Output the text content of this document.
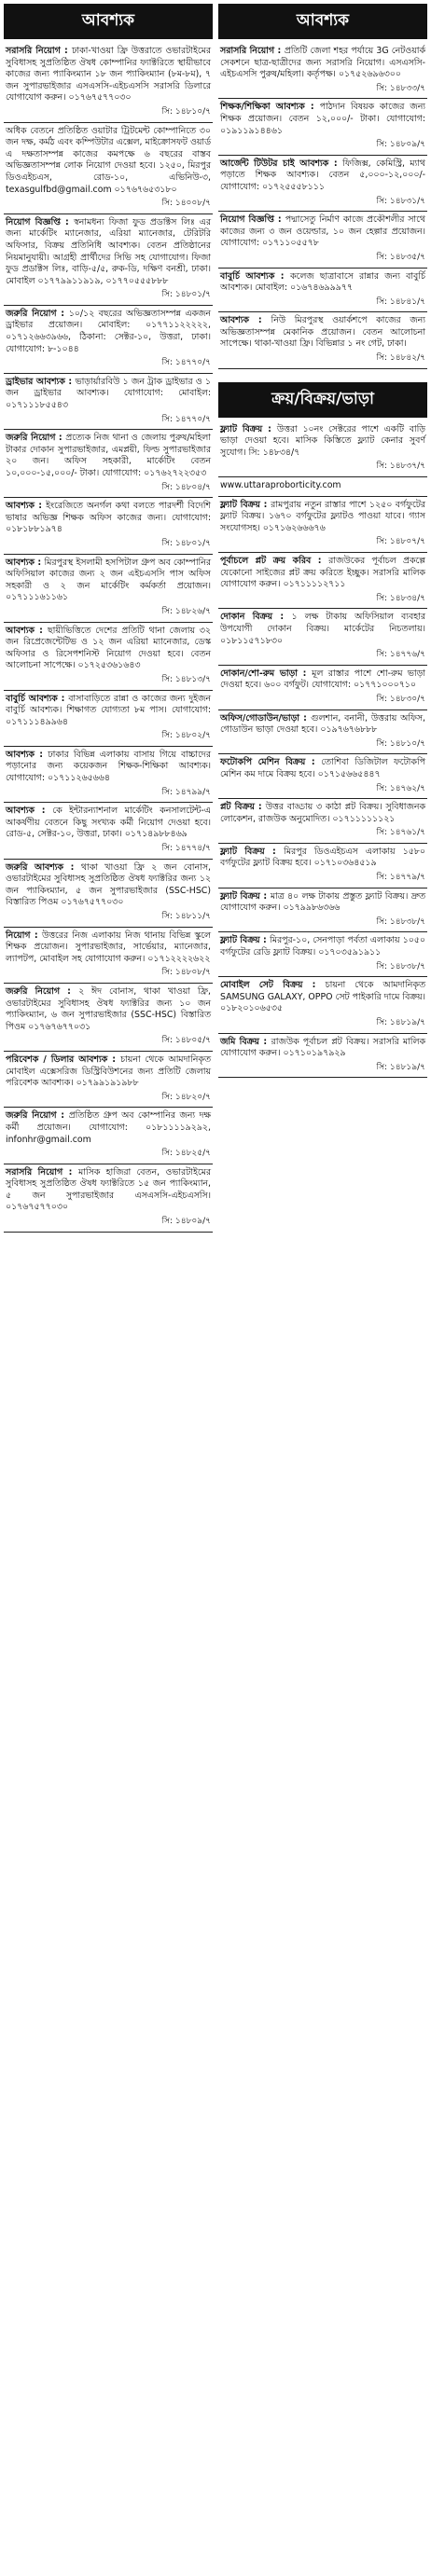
আবশ্যক
সরাসরি নিয়োগ : ঢাকা-খাওয়া ফ্রি উত্তরাতে ওভারটাইমের সুবিধাসহ সুপ্রতিষ্ঠিত ঔষধ কোম্পানির ফ্যাক্টরিতে স্থায়ীভাবে কাজের জন্য প্যাকিংম্যান ১৮ জন প্যাকিংম্যান (৮ম-৮ম), ৭ জন সুপারভাইজার এসএসসি-এইচএসসি সরাসরি ডিলারে যোগাযোগ করুন। ০১৭৬৭৫৭৭০৩০
সি: ১৪৮১০/৭
অধিক বেতনে প্রতিষ্ঠিত ওয়াটার ট্রিটমেন্ট কোম্পানিতে ৩০ জন দক্ষ, কর্মঠ এবং কম্পিউটার এক্সেল, মাইক্রোসফট ওয়ার্ড এ দক্ষতাসম্পন্ন কাজের কমপক্ষে ৬ বছরের বাস্তব অভিজ্ঞতাসম্পন্ন লোক নিয়োগ দেওয়া হবে। ১২৫০, মিরপুর ডিওএইচএস, রোড-১০, এভিনিউ-৩, texasgulfbd@gmail.com ০১৭৬৭৬৫৩১৮০
সি: ১৪০০৮/৭
নিয়োগ বিজ্ঞপ্তি : স্বনামধন্য ফিজা ফুড প্রডাক্টস লিঃ এর জন্য মার্কেটিং ম্যানেজার, এরিয়া ম্যানেজার, টেরিটরি অফিসার, বিক্রয় প্রতিনিধি আবশ্যক। বেতন প্রতিষ্ঠানের নিয়মানুযায়ী। আগ্রহী প্রার্থীদের সিভি সহ যোগাযোগ। ফিজা ফুড প্রডাক্টস লিঃ, বাড়ি-৫/৫, রুক-ডি, দক্ষিণ বনশ্রী, ঢাকা। মোবাইল ০১৭৭৯৯১১৯১৯, ০১৭৭০৫৫৫৮৮৮
সি: ১৪৮০১/৭
জরুরি নিয়োগ : ১০/১২ বছরের অভিজ্ঞতাসম্পন্ন একজন ড্রাইভার প্রয়োজন। মোবাইল: ০১৭৭১১২২২২২, ০১৭১২৬৬৩৯৬৬, ঠিকানা: সেক্টর-১০, উত্তরা, ঢাকা। যোগাযোগ: ৮-১০৪৪
সি: ১৪৭৭০/৭
ড্রাইভার আবশ্যক : ভাড়ার্য়ারবিউ ১ জন ট্রাক ড্রাইভার ও ১ জন ড্রাইভার আবশ্যক। যোগাযোগ: মোবাইল: ০১৭১১১৮৫৫৪৩
সি: ১৪৭৭০/৭
জরুরি নিয়োগ : প্রত্যেক নিজ থানা ও জেলায় পুরুষ/মহিলা টাকার দোকান সুপারভাইজার, এমপ্লয়ী, ফিল্ড সুপারভাইজার ২০ জন। অফিস সহকারী, মার্কেটিং বেতন ১০,০০০-১৫,০০০/- টাকা। যোগাযোগ: ০১৭৬২৭২২৩৫৩
সি: ১৪৮০৪/৭
আবশ্যক : ইংরেজিতে অনর্গল কথা বলতে পারদর্শী বিদেশি ভাষার অভিজ্ঞ শিক্ষক অফিস কাজের জন্য। যোগাযোগ: ০১৮১৮৮১৯৭৪
সি: ১৪৮০১/৭
আবশ্যক : মিরপুরস্থ ইসলামী হসপিটাল গ্রুপ অব কোম্পানির অফিসিয়াল কাজের জন্য ২ জন এইচএসসি পাস অফিস সহকারী ও ২ জন মার্কেটিং কর্মকর্তা প্রয়োজন। ০১৭১১১৬১১৬১
সি: ১৪৮২৬/৭
আবশ্যক : ছায়ীভিত্তিতে দেশের প্রতিটি থানা জেলায় ৩২ জন রিপ্রেজেন্টেটিভ ও ১২ জন এরিয়া ম্যানেজার, ডেস্ক অফিসার ও রিসেপশনিস্ট নিয়োগ দেওয়া হবে। বেতন আলোচনা সাপেক্ষে। ০১৭২৫৩৬১৬৪৩
সি: ১৪৮১৩/৭
বাবুর্চি আবশ্যক : বাসাবাড়িতে রান্না ও কাজের জন্য দুইজন বাবুর্চি আবশ্যক। শিক্ষাগত যোগ্যতা ৮ম পাস। যোগাযোগ: ০১৭১১১৪৯৯৬৪
সি: ১৪৮০২/৭
আবশ্যক : ঢাকার বিভিন্ন এলাকায় বাসায় গিয়ে বাচ্চাদের পড়ানোর জন্য কয়েকজন শিক্ষক-শিক্ষিকা আবশ্যক। যোগাযোগ: ০১৭১১২৬৫৬৬৪
সি: ১৪৭৯৯/৭
আবশ্যক : কে ইন্টারন্যাশনাল মার্কেটিং কনসালটেন্ট-এ আকর্ষণীয় বেতনে কিছু সংখ্যক কর্মী নিয়োগ দেওয়া হবে। রোড-৫, সেক্টর-১০, উত্তরা, ঢাকা। ০১৭১৪৯৮৮৪৬৯
সি: ১৪৭৭৪/৭
জরুরি আবশ্যক : থাকা খাওয়া ফ্রি ২ জন বোনাস, ওভারটাইমের সুবিধাসহ সুপ্রতিষ্ঠিত ঔষধ ফ্যাক্টরির জন্য ১২ জন প্যাকিংম্যান, ৫ জন সুপারভাইজার (SSC-HSC) বিস্তারিত পিওম ০১৭৬৭৫৭৭০৩০
সি: ১৪৮১১/৭
নিয়োগ : উত্তরের নিজ এলাকায় নিজ থানায় বিভিন্ন স্কুলে শিক্ষক প্রয়োজন। সুপারভাইজার, সার্ভেয়ার, ম্যানেজার, ল্যাপটপ, মোবাইল সহ যোগাযোগ করুন। ০১৭১২২২২৬২২
সি: ১৪৮০৮/৭
জরুরি নিয়োগ : ২ ঈদ বোনাস, থাকা খাওয়া ফ্রি, ওভারটাইমের সুবিধাসহ ঔষধ ফ্যাক্টরির জন্য ১০ জন প্যাকিংম্যান, ৬ জন সুপারভাইজার (SSC-HSC) বিস্তারিত পিওম ০১৭৬৭৬৭৭০৩১
সি: ১৪৮০৫/৭
পরিবেশক / ডিলার আবশ্যক : চায়না থেকে আমদানিকৃত মোবাইল এক্সেসরিজ ডিস্ট্রিবিউশনের জন্য প্রতিটি জেলায় পরিবেশক আবশ্যক। ০১৭৯৯১৯১৯৮৮
সি: ১৪৮২০/৭
জরুরি নিয়োগ : প্রতিষ্ঠিত গ্রুপ অব কোম্পানির জন্য দক্ষ কর্মী প্রয়োজন। যোগাযোগ: ০১৮১১১১৯২৯২, infonhr@gmail.com
সি: ১৪৮২৫/৭
সরাসরি নিয়োগ : মাসিক হাজিরা বেতন, ওভারটাইমের সুবিধাসহ সুপ্রতিষ্ঠিত ঔষধ ফ্যাক্টরিতে ১৫ জন প্যাকিংম্যান, ৫ জন সুপারভাইজার এসএসসি-এইচএসসি। ০১৭৬৭৫৭৭০৩০
সি: ১৪৮০৯/৭
আবশ্যক
সরাসরি নিয়োগ : প্রতিটি জেলা শহর পর্যায়ে 3G নেটওয়ার্ক সেকশনে ছাত্র-ছাত্রীদের জন্য সরাসরি নিয়োগ। এসএসসি-এইচএসসি পুরুষ/মহিলা। কর্তৃপক্ষ। ০১৭৫২৬৯৬৩০০
সি: ১৪৮৩৩/৭
শিক্ষক/শিক্ষিকা আবশ্যক : পাঠদান বিষয়ক কাজের জন্য শিক্ষক প্রয়োজন। বেতন ১২,০০০/- টাকা। যোগাযোগ: ০১৯১১৯১৪৪৬১
সি: ১৪৮০৯/৭
আর্জেন্ট টিউটর চাই আবশ্যক : ফিজিক্স, কেমিস্ট্রি, ম্যাথ পড়াতে শিক্ষক আবশ্যক। বেতন ৫,০০০-১২,০০০/- যোগাযোগ: ০১৭২৫৫৫৮১১১
সি: ১৪৮৩১/৭
নিয়োগ বিজ্ঞপ্তি : পদ্মাসেতু নির্মাণ কাজে প্রকৌশলীর সাথে কাজের জন্য ৩ জন ওয়েল্ডার, ১০ জন হেল্পার প্রয়োজন। যোগাযোগ: ০১৭১১০৫৫৭৮
সি: ১৪৮৩৫/৭
বাবুর্চি আবশ্যক : কলেজ ছাত্রাবাসে রান্নার জন্য বাবুর্চি আবশ্যক। মোবাইল: ০১৬৭৪৬৯৯৯৭৭
সি: ১৪৮৪১/৭
আবশ্যক : নিউ মিরপুরস্থ ওয়ার্কশপে কাজের জন্য অভিজ্ঞতাসম্পন্ন মেকানিক প্রয়োজন। বেতন আলোচনা সাপেক্ষে। থাকা-খাওয়া ফ্রি। বিভিন্নার ১ নং গেট, ঢাকা।
সি: ১৪৮৪২/৭
ক্রয়/বিক্রয়/ভাড়া
ফ্ল্যাট বিক্রয় : উত্তরা ১০নং সেক্টরের পাশে একটি বাড়ি ভাড়া দেওয়া হবে। মাসিক কিস্তিতে ফ্ল্যাট কেনার সুবর্ণ সুযোগ। সি: ১৪৮৩৪/৭
সি: ১৪৮৩৭/৭
www.uttaraproborticity.com
ফ্ল্যাট বিক্রয় : রামপুরায় নতুন রাস্তার পাশে ১২৫০ বর্গফুটের ফ্ল্যাট বিক্রয়। ১৬৭০ বর্গফুটের ফ্ল্যাটও পাওয়া যাবে। গ্যাস সংযোগসহ। ০১৭১৬২৬৬৬৭৬
সি: ১৪৮০৭/৭
পূর্বাচলে প্লট ক্রয় করিব : রাজউকের পূর্বাচল প্রকল্পে যেকোনো সাইজের প্লট ক্রয় করিতে ইচ্ছুক। সরাসরি মালিক যোগাযোগ করুন। ০১৭১১১১২৭১১
সি: ১৪৮৩৪/৭
দোকান বিক্রয় : ১ লক্ষ টাকায় অফিসিয়াল ব্যবহার উপযোগী দোকান বিক্রয়। মার্কেটের নিচতলায়। ০১৮১১৫৭১৮৩০
সি: ১৪৭৭৬/৭
দোকান/শো-রুম ভাড়া : মূল রাস্তার পাশে শো-রুম ভাড়া দেওয়া হবে। ৬০০ বর্গফুট। যোগাযোগ: ০১৭৭১০০০৭১০
সি: ১৪৮৩০/৭
অফিস/গোডাউন/ভাড়া : গুলশান, বনানী, উত্তরায় অফিস, গোডাউন ভাড়া দেওয়া হবে। ০১৯৭৬৭৬৮৮৮
সি: ১৪৮১০/৭
ফটোকপি মেশিন বিক্রয় : তোশিবা ডিজিটাল ফটোকপি মেশিন কম দামে বিক্রয় হবে। ০১৭১৫৬৬৫৪৪৭
সি: ১৪৭৬২/৭
প্লট বিক্রয় : উত্তর বাড্ডায় ৩ কাঠা প্লট বিক্রয়। সুবিধাজনক লোকেশন, রাজউক অনুমোদিত। ০১৭১১১১১১২১
সি: ১৪৭৬১/৭
ফ্ল্যাট বিক্রয় : মিরপুর ডিওএইচএস এলাকায় ১৫৮০ বর্গফুটের ফ্ল্যাট বিক্রয় হবে। ০১৭১০৩৬৪৫১৯
সি: ১৪৭৭৯/৭
ফ্ল্যাট বিক্রয় : মাত্র ৪০ লক্ষ টাকায় প্রস্তুত ফ্ল্যাট বিক্রয়। দ্রুত যোগাযোগ করুন। ০১৭৯৯৮৬৩৬৬
সি: ১৪৮৩৮/৭
ফ্ল্যাট বিক্রয় : মিরপুর-১০, সেনপাড়া পর্বতা এলাকায় ১০৫০ বর্গফুটের রেডি ফ্ল্যাট বিক্রয়। ০১৭০৩৫৯১৯১১
সি: ১৪৮৩৮/৭
মোবাইল সেট বিক্রয় : চায়না থেকে আমদানিকৃত SAMSUNG GALAXY, OPPO সেট পাইকারি দামে বিক্রয়। ০১৮২০১০৬৫৩৫
সি: ১৪৮১৯/৭
জমি বিক্রয় : রাজউক পূর্বাচল প্লট বিক্রয়। সরাসরি মালিক যোগাযোগ করুন। ০১৭১০১৯৭৯২৯
সি: ১৪৮১৯/৭
